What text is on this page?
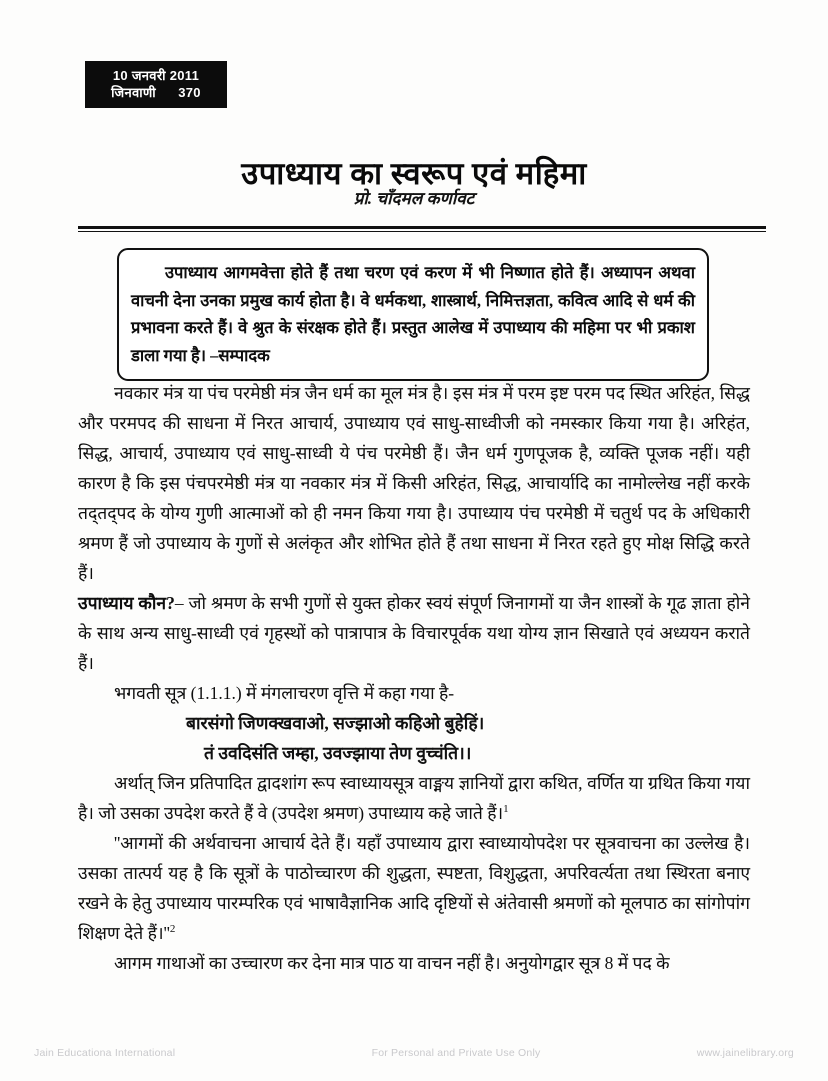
10 जनवरी 2011
जिनवाणी 370
उपाध्याय का स्वरूप एवं महिमा
प्रो. चाँदमल कर्णावट

उपाध्याय आगमवेत्ता होते हैं तथा चरण एवं करण में भी निष्णात होते हैं। अध्यापन अथवा वाचनी देना उनका प्रमुख कार्य होता है। वे धर्मकथा, शास्त्रार्थ, निमित्तज्ञता, कवित्व आदि से धर्म की प्रभावना करते हैं। वे श्रुत के संरक्षक होते हैं। प्रस्तुत आलेख में उपाध्याय की महिमा पर भी प्रकाश डाला गया है। –सम्पादक

नवकार मंत्र या पंच परमेष्ठी मंत्र जैन धर्म का मूल मंत्र है। इस मंत्र में परम इष्ट परम पद स्थित अरिहंत, सिद्ध और परमपद की साधना में निरत आचार्य, उपाध्याय एवं साधु-साध्वीजी को नमस्कार किया गया है। अरिहंत, सिद्ध, आचार्य, उपाध्याय एवं साधु-साध्वी ये पंच परमेष्ठी हैं। जैन धर्म गुणपूजक है, व्यक्ति पूजक नहीं। यही कारण है कि इस पंचपरमेष्ठी मंत्र या नवकार मंत्र में किसी अरिहंत, सिद्ध, आचार्यादि का नामोल्लेख नहीं करके तद्तद्पद के योग्य गुणी आत्माओं को ही नमन किया गया है। उपाध्याय पंच परमेष्ठी में चतुर्थ पद के अधिकारी श्रमण हैं जो उपाध्याय के गुणों से अलंकृत और शोभित होते हैं तथा साधना में निरत रहते हुए मोक्ष सिद्धि करते हैं।

उपाध्याय कौन?– जो श्रमण के सभी गुणों से युक्त होकर स्वयं संपूर्ण जिनागमों या जैन शास्त्रों के गूढ ज्ञाता होने के साथ अन्य साधु-साध्वी एवं गृहस्थों को पात्रापात्र के विचारपूर्वक यथा योग्य ज्ञान सिखाते एवं अध्ययन कराते हैं।

भगवती सूत्र (1.1.1.) में मंगलाचरण वृत्ति में कहा गया है-

बारसंगो जिणक्खवाओ, सज्झाओ कहिओ बुहेहिं।
तं उवदिसंति जम्हा, उवज्झाया तेण वुच्चंति।।

अर्थात् जिन प्रतिपादित द्वादशांग रूप स्वाध्यायसूत्र वाङ्मय ज्ञानियों द्वारा कथित, वर्णित या ग्रथित किया गया है। जो उसका उपदेश करते हैं वे (उपदेश श्रमण) उपाध्याय कहे जाते हैं।$^1$

''आगमों की अर्थवाचना आचार्य देते हैं। यहाँ उपाध्याय द्वारा स्वाध्यायोपदेश पर सूत्रवाचना का उल्लेख है। उसका तात्पर्य यह है कि सूत्रों के पाठोच्चारण की शुद्धता, स्पष्टता, विशुद्धता, अपरिवर्त्यता तथा स्थिरता बनाए रखने के हेतु उपाध्याय पारम्परिक एवं भाषावैज्ञानिक आदि दृष्टियों से अंतेवासी श्रमणों को मूलपाठ का सांगोपांग शिक्षण देते हैं।''$^2$

आगम गाथाओं का उच्चारण कर देना मात्र पाठ या वाचन नहीं है। अनुयोगद्वार सूत्र 8 में पद के

Jain Educationa International	For Personal and Private Use Only	www.jainelibrary.org
